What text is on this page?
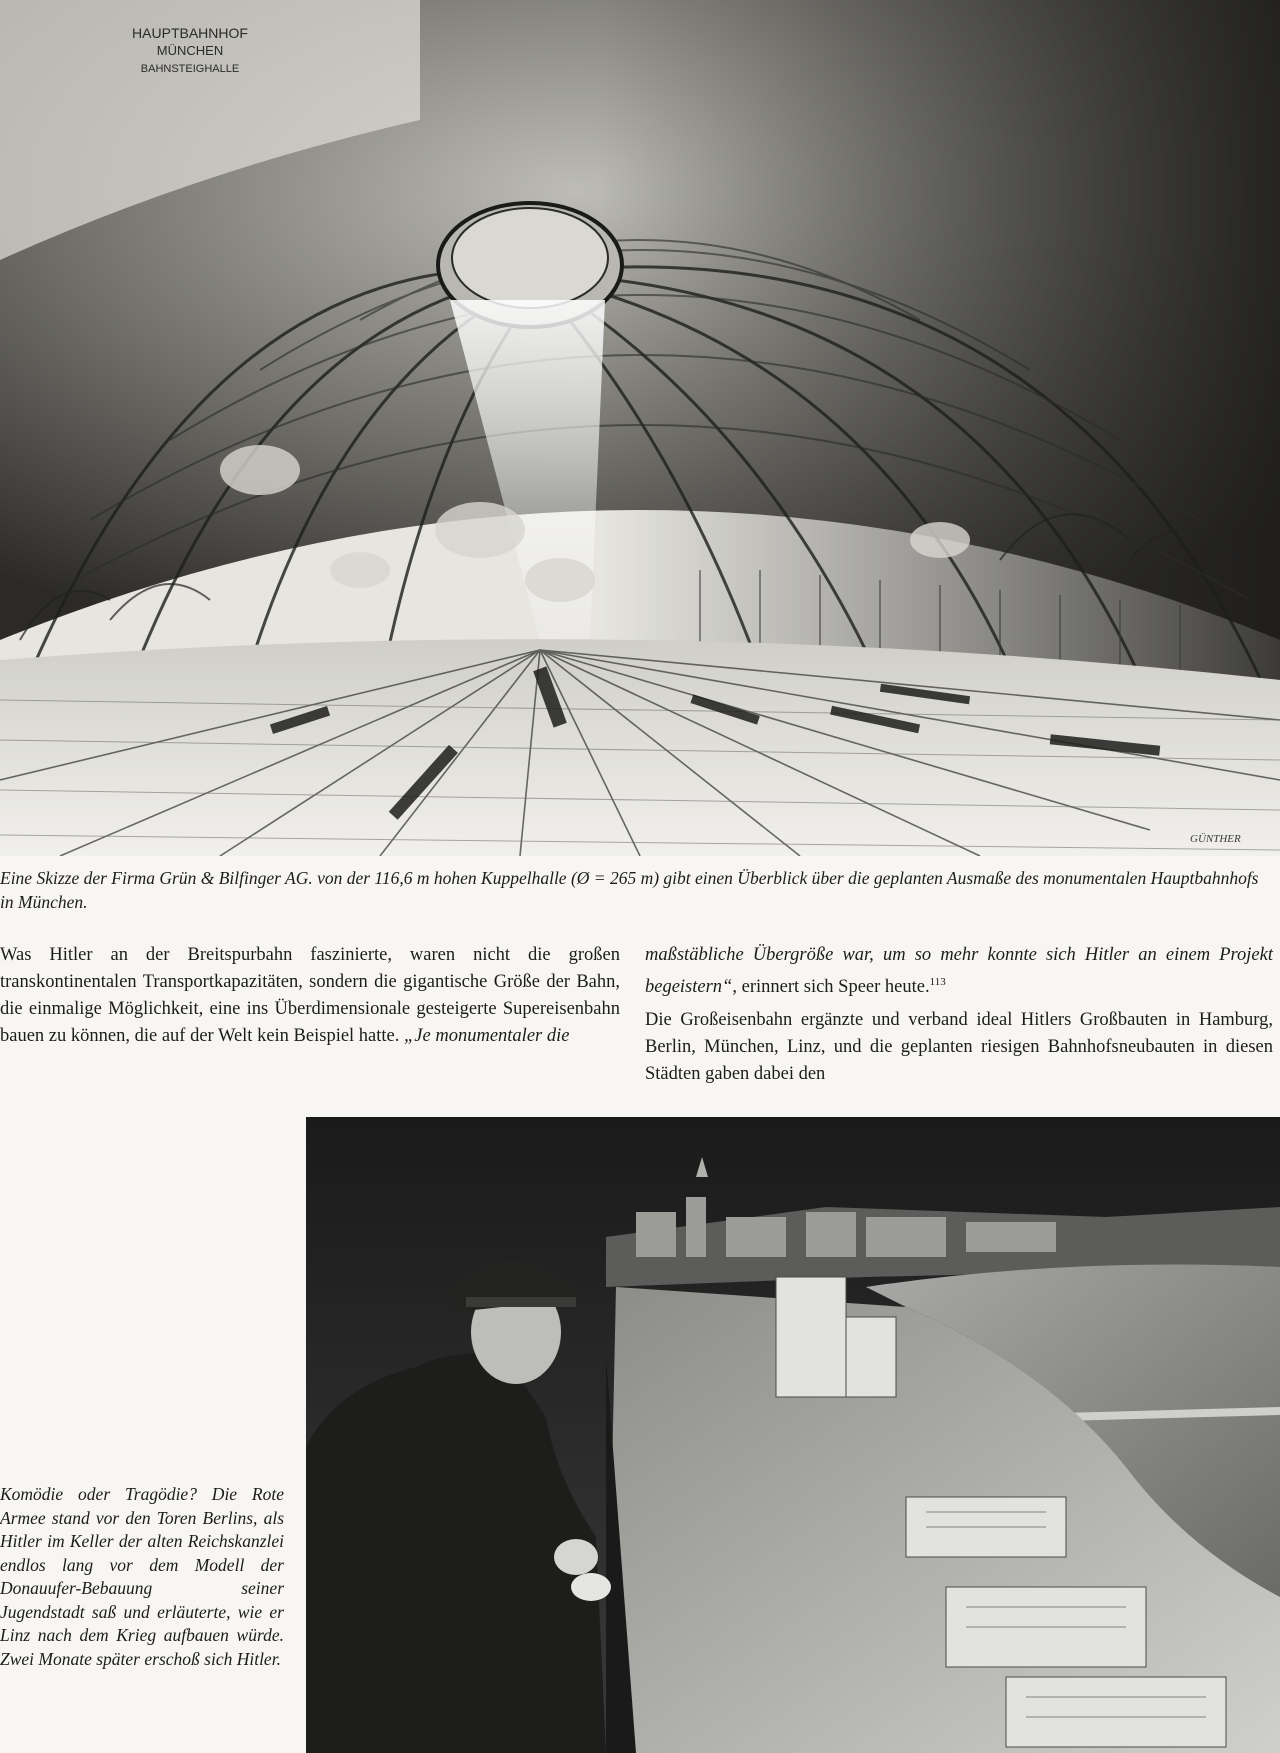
HAUPTBAHNHOF
MÜNCHEN
BAHNSTEIGHALLE
GÜNTHER
Eine Skizze der Firma Grün & Bilfinger AG. von der 116,6 m hohen Kuppelhalle (Ø = 265 m) gibt einen Überblick über die geplanten Ausmaße des monumentalen Hauptbahnhofs in München.

Was Hitler an der Breitspurbahn faszinierte, waren nicht die großen transkontinentalen Transportkapazitäten, sondern die gigantische Größe der Bahn, die einmalige Möglichkeit, eine ins Überdimensionale gesteigerte Supereisenbahn bauen zu können, die auf der Welt kein Beispiel hatte. „Je monumentaler die

maßstäbliche Übergröße war, um so mehr konnte sich Hitler an einem Projekt begeistern“, erinnert sich Speer heute.$^{113}$

Die Großeisenbahn ergänzte und verband ideal Hitlers Großbauten in Hamburg, Berlin, München, Linz, und die geplanten riesigen Bahnhofsneubauten in diesen Städten gaben dabei den

Komödie oder Tragödie? Die Rote Armee stand vor den Toren Berlins, als Hitler im Keller der alten Reichskanzlei endlos lang vor dem Modell der Donauufer-Bebauung seiner Jugendstadt saß und erläuterte, wie er Linz nach dem Krieg aufbauen würde. Zwei Monate später erschoß sich Hitler.
